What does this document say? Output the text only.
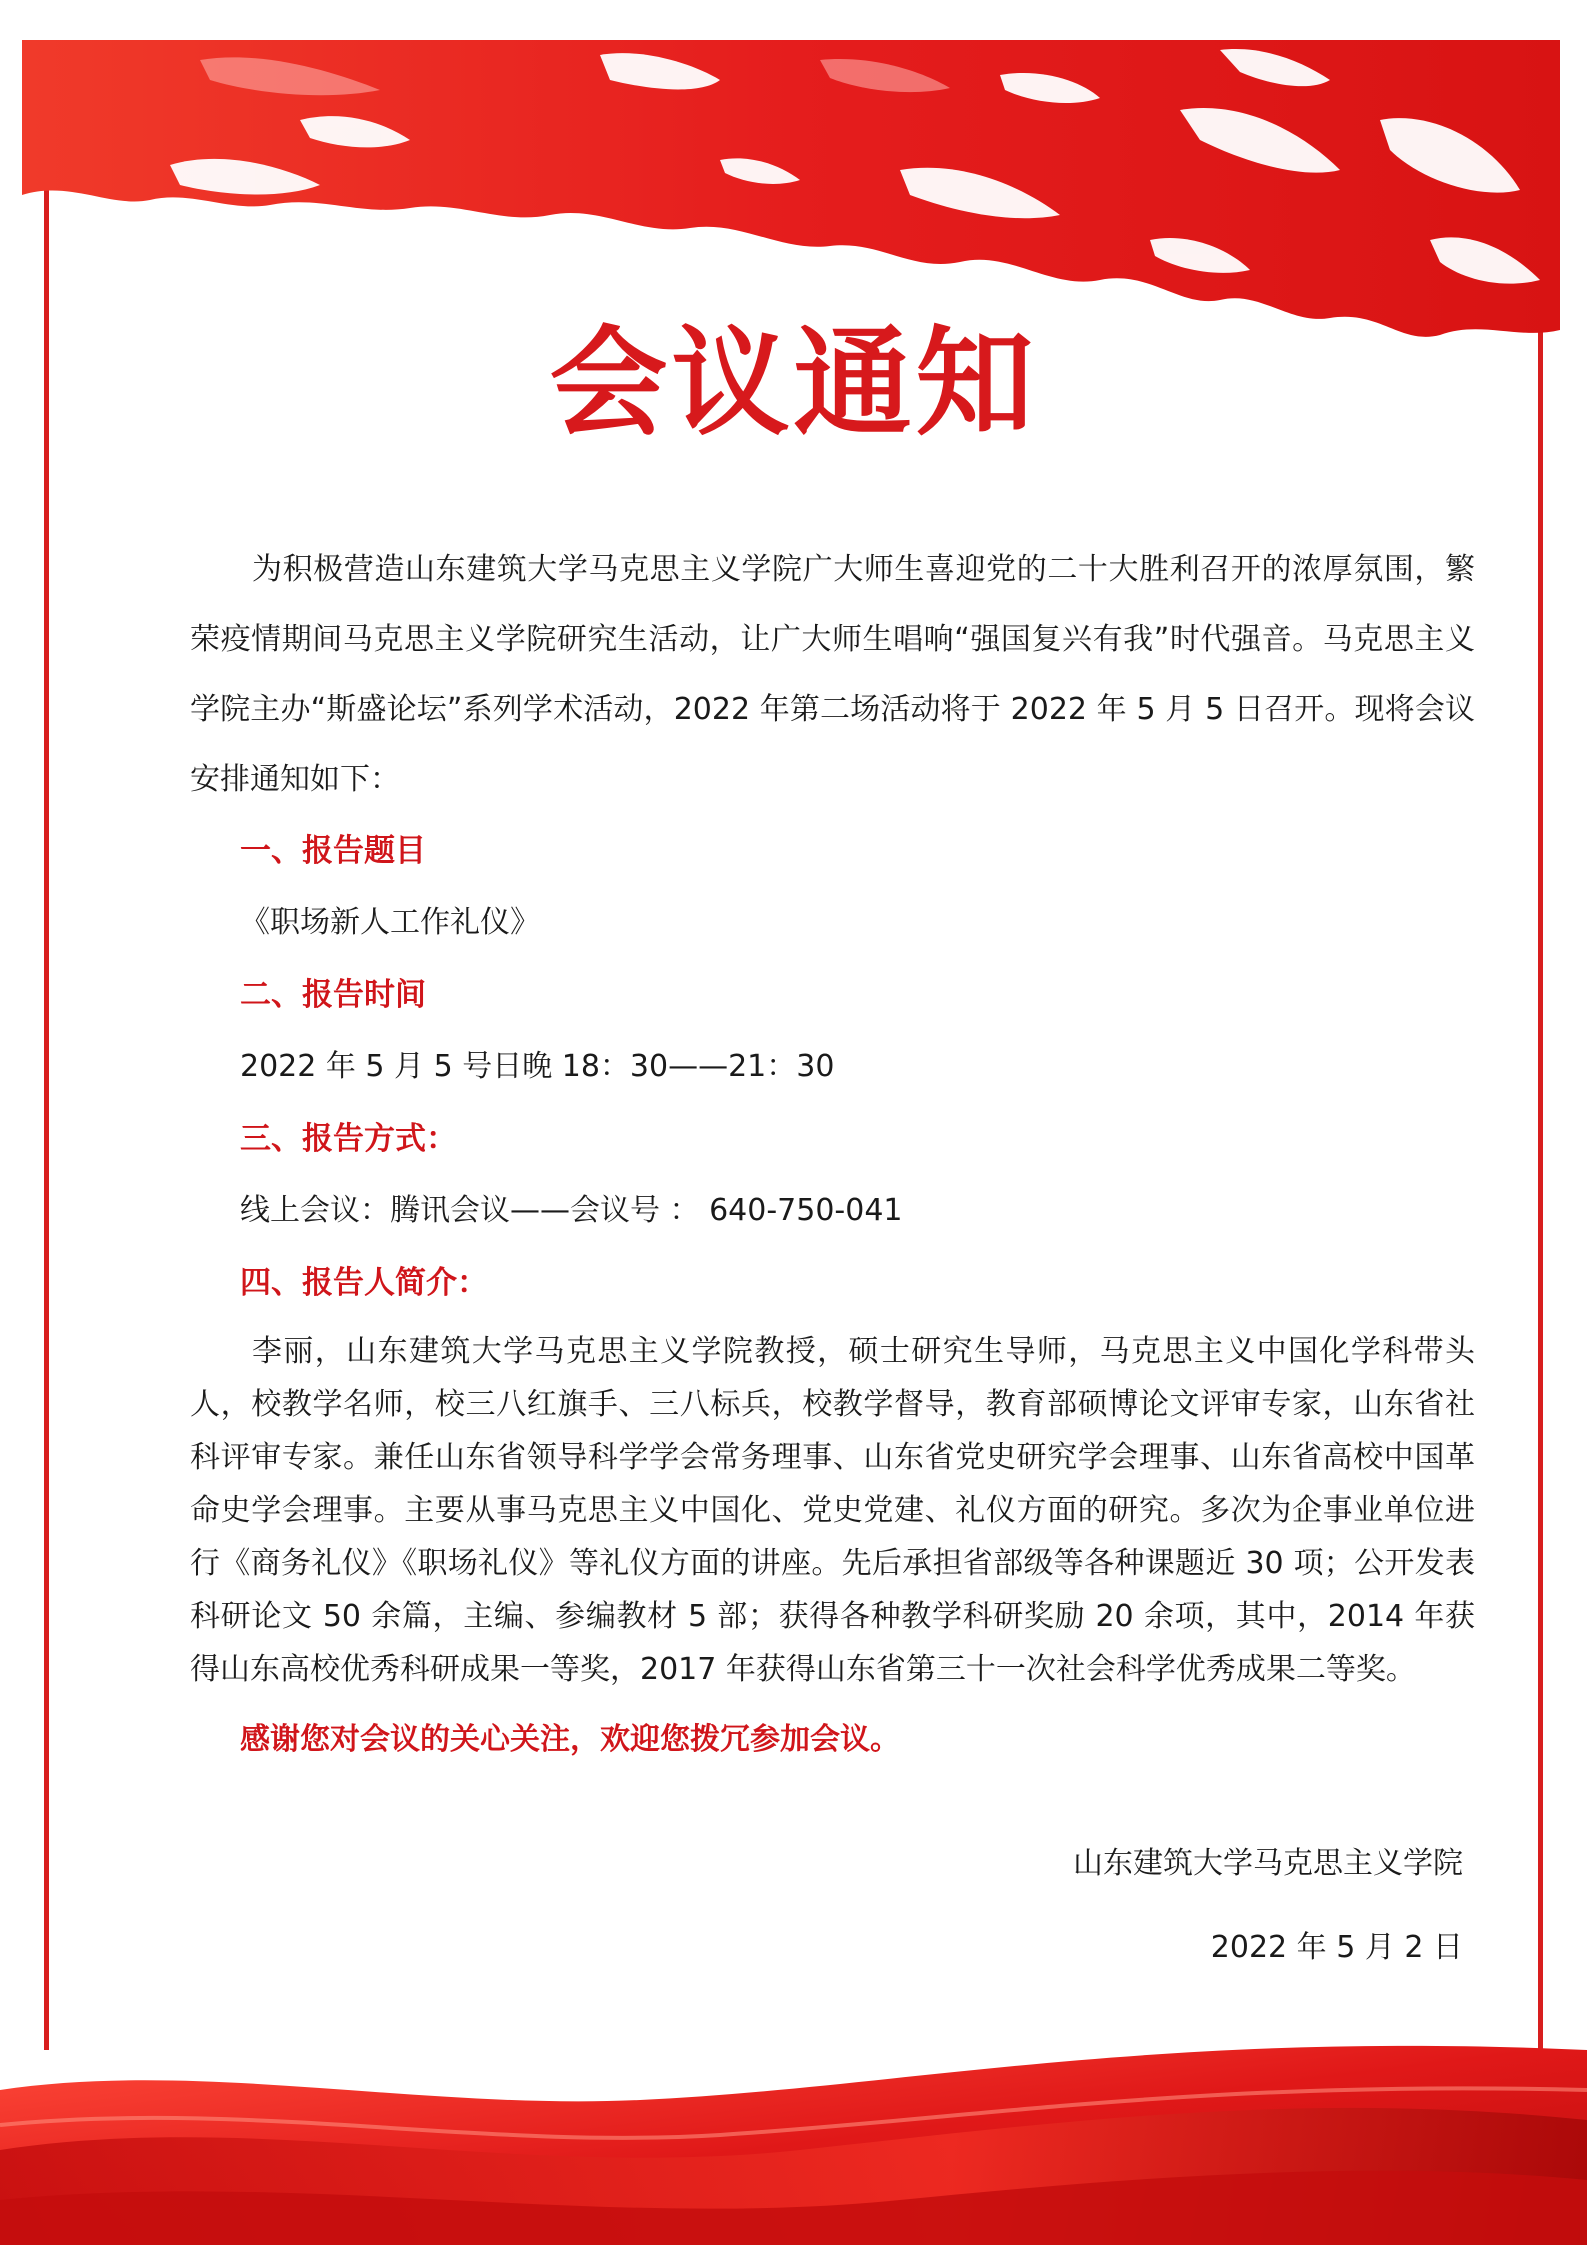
会议通知

为积极营造山东建筑大学马克思主义学院广大师生喜迎党的二十大胜利召开的浓厚氛围，繁荣疫情期间马克思主义学院研究生活动，让广大师生唱响“强国复兴有我”时代强音。马克思主义学院主办“斯盛论坛”系列学术活动，2022 年第二场活动将于 2022 年 5 月 5 日召开。现将会议安排通知如下：

一、报告题目

《职场新人工作礼仪》

二、报告时间

2022 年 5 月 5 号日晚 18：30——21：30

三、报告方式：

线上会议：腾讯会议——会议号 ： 640-750-041

四、报告人简介：

李丽，山东建筑大学马克思主义学院教授，硕士研究生导师，马克思主义中国化学科带头人，校教学名师，校三八红旗手、三八标兵，校教学督导，教育部硕博论文评审专家，山东省社科评审专家。兼任山东省领导科学学会常务理事、山东省党史研究学会理事、山东省高校中国革命史学会理事。主要从事马克思主义中国化、党史党建、礼仪方面的研究。多次为企事业单位进行《商务礼仪》《职场礼仪》等礼仪方面的讲座。先后承担省部级等各种课题近 30 项；公开发表科研论文 50 余篇，主编、参编教材 5 部；获得各种教学科研奖励 20 余项，其中，2014 年获得山东高校优秀科研成果一等奖，2017 年获得山东省第三十一次社会科学优秀成果二等奖。

感谢您对会议的关心关注，欢迎您拨冗参加会议。

山东建筑大学马克思主义学院

2022 年 5 月 2 日
